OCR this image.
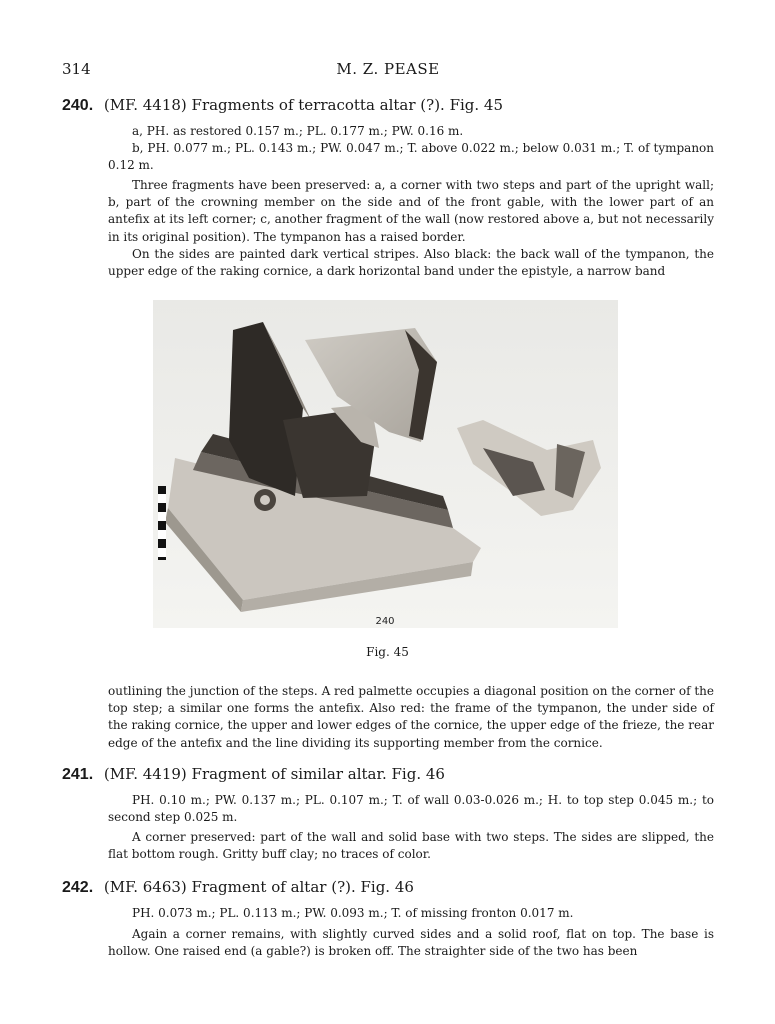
314	M. Z. PEASE
240. (MF. 4418) Fragments of terracotta altar (?). Fig. 45
a, PH. as restored 0.157 m.; PL. 0.177 m.; PW. 0.16 m.
b, PH. 0.077 m.; PL. 0.143 m.; PW. 0.047 m.; T. above 0.022 m.; below 0.031 m.; T. of tympanon 0.12 m.
Three fragments have been preserved: a, a corner with two steps and part of the upright wall; b, part of the crowning member on the side and of the front gable, with the lower part of an antefix at its left corner; c, another fragment of the wall (now restored above a, but not necessarily in its original position). The tympanon has a raised border.
On the sides are painted dark vertical stripes. Also black: the back wall of the tympanon, the upper edge of the raking cornice, a dark horizontal band under the epistyle, a narrow band
240
Fig. 45
outlining the junction of the steps. A red palmette occupies a diagonal position on the corner of the top step; a similar one forms the antefix. Also red: the frame of the tympanon, the under side of the raking cornice, the upper and lower edges of the cornice, the upper edge of the frieze, the rear edge of the antefix and the line dividing its supporting member from the cornice.
241. (MF. 4419) Fragment of similar altar. Fig. 46
PH. 0.10 m.; PW. 0.137 m.; PL. 0.107 m.; T. of wall 0.03-0.026 m.; H. to top step 0.045 m.; to second step 0.025 m.
A corner preserved: part of the wall and solid base with two steps. The sides are slipped, the flat bottom rough. Gritty buff clay; no traces of color.
242. (MF. 6463) Fragment of altar (?). Fig. 46
PH. 0.073 m.; PL. 0.113 m.; PW. 0.093 m.; T. of missing fronton 0.017 m.
Again a corner remains, with slightly curved sides and a solid roof, flat on top. The base is hollow. One raised end (a gable?) is broken off. The straighter side of the two has been
